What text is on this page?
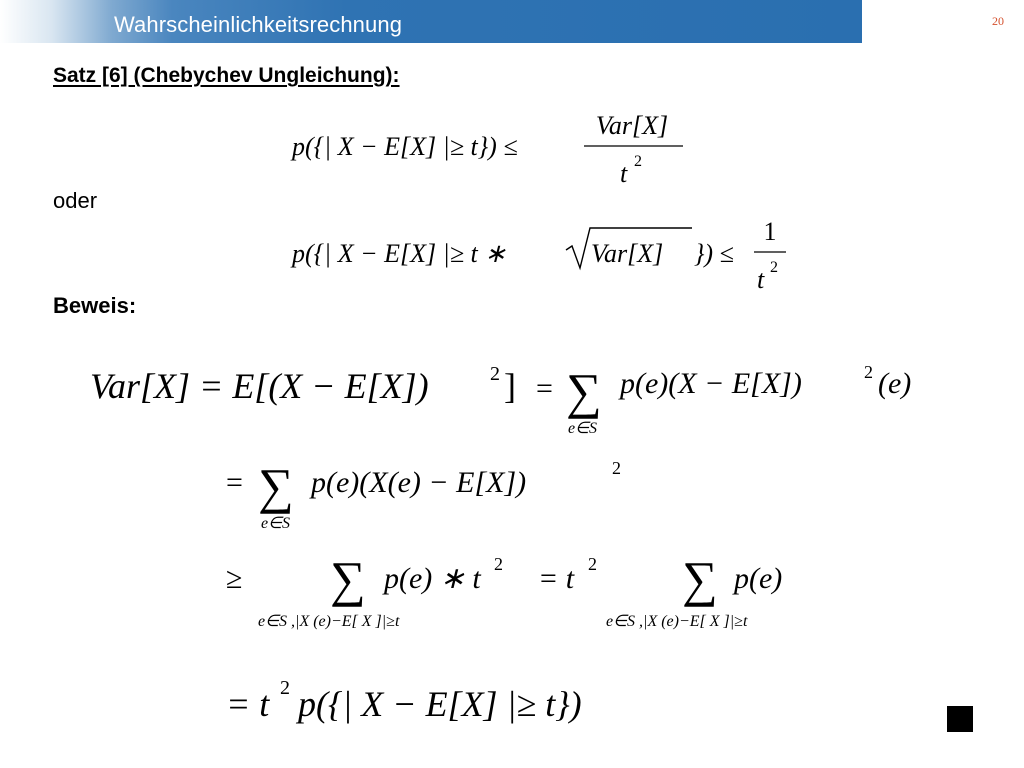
Wahrscheinlichkeitsrechnung	20
Satz [6] (Chebychev Ungleichung):
oder
Beweis:
p({| X − E[X] |≥ t}) ≤
Var[X]
t 2
p({| X − E[X] |≥ t ∗	Var[X] }) ≤
1
t 2
Var[X] = E[(X − E[X])	2 ] = ∑
e∈S
p(e)(X − E[X])	2 (e)
= ∑
e∈S
p(e)(X(e) − E[X])	2
≥ ∑ p(e) ∗ t 2
e∈S ,|X (e)−E[ X ]|≥t
= t 2 ∑ p(e)
e∈S ,|X (e)−E[ X ]|≥t
= t 2 p({| X − E[X] |≥ t})
